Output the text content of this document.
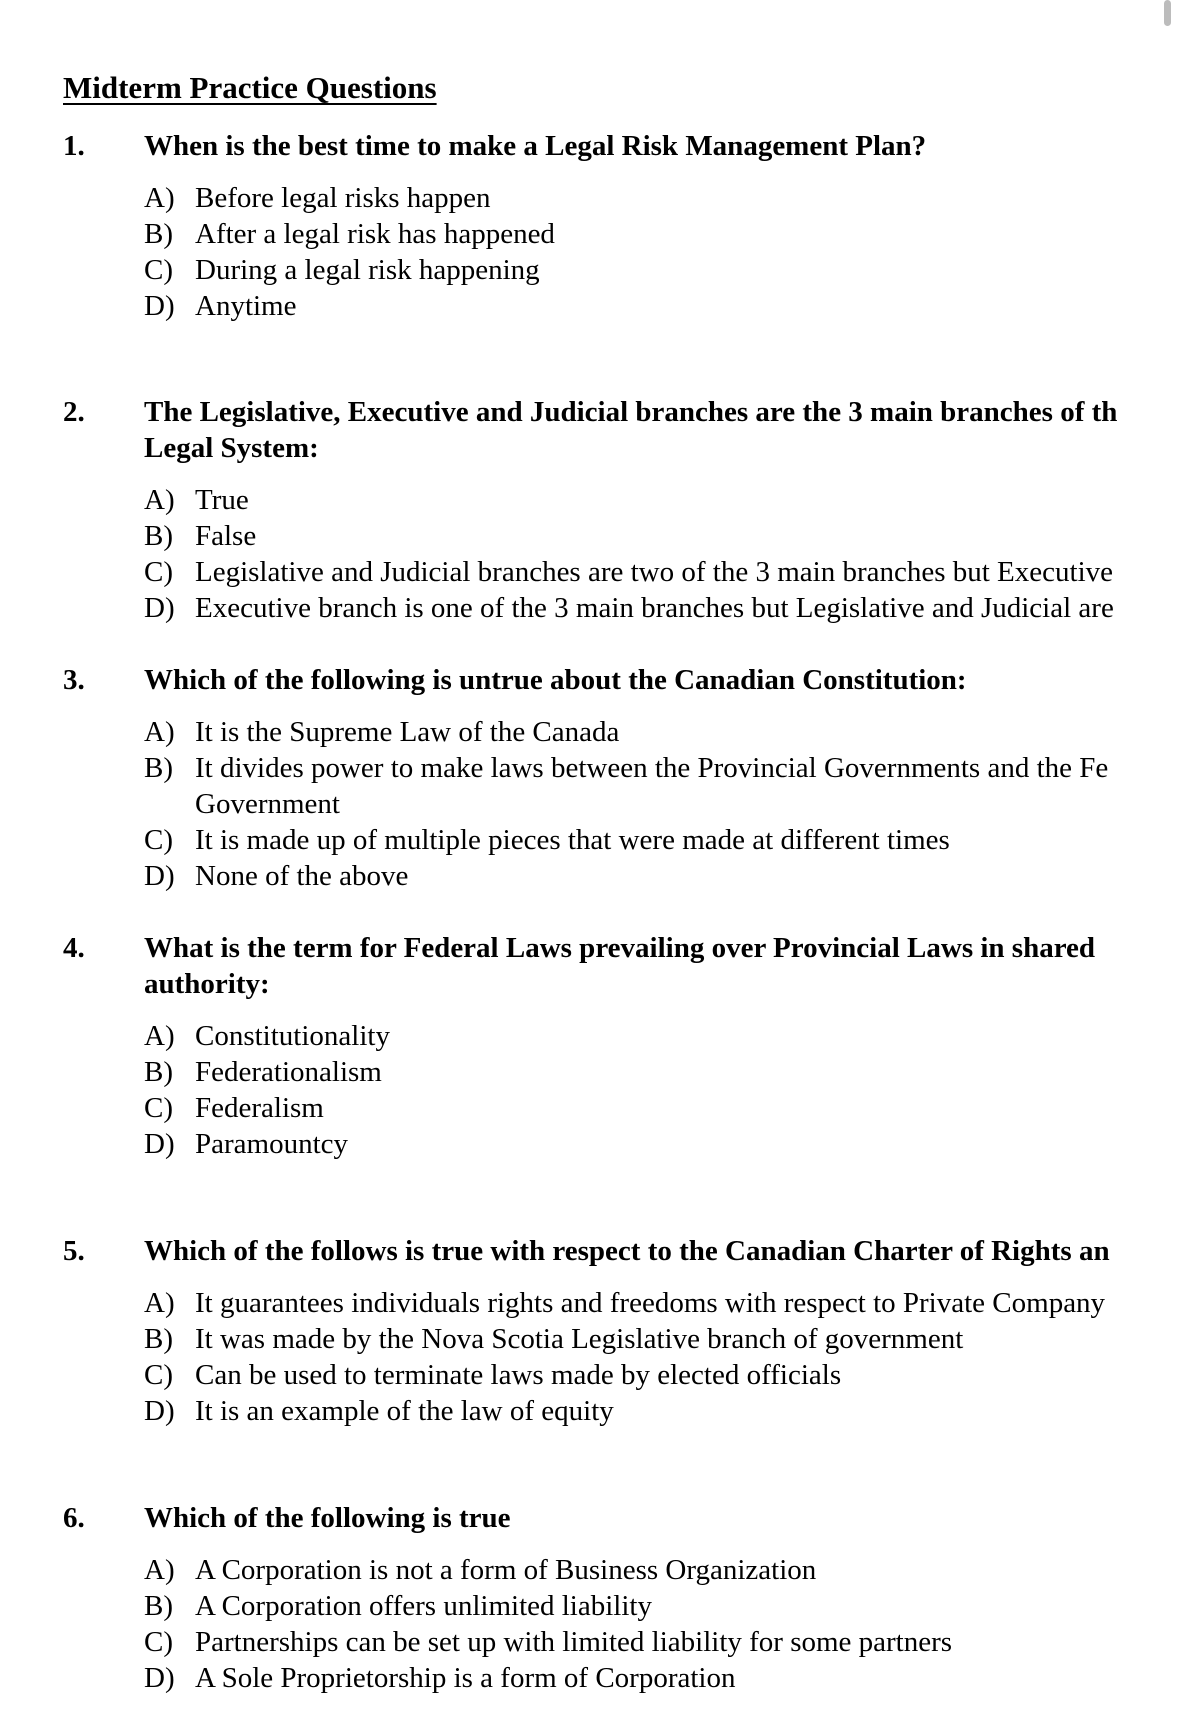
Midterm Practice Questions
1. When is the best time to make a Legal Risk Management Plan?
A) Before legal risks happen
B) After a legal risk has happened
C) During a legal risk happening
D) Anytime
2. The Legislative, Executive and Judicial branches are the 3 main branches of th
Legal System:
A) True
B) False
C) Legislative and Judicial branches are two of the 3 main branches but Executive
D) Executive branch is one of the 3 main branches but Legislative and Judicial are
3. Which of the following is untrue about the Canadian Constitution:
A) It is the Supreme Law of the Canada
B) It divides power to make laws between the Provincial Governments and the Fe
Government
C) It is made up of multiple pieces that were made at different times
D) None of the above
4. What is the term for Federal Laws prevailing over Provincial Laws in shared
authority:
A) Constitutionality
B) Federationalism
C) Federalism
D) Paramountcy
5. Which of the follows is true with respect to the Canadian Charter of Rights an
A) It guarantees individuals rights and freedoms with respect to Private Company
B) It was made by the Nova Scotia Legislative branch of government
C) Can be used to terminate laws made by elected officials
D) It is an example of the law of equity
6. Which of the following is true
A) A Corporation is not a form of Business Organization
B) A Corporation offers unlimited liability
C) Partnerships can be set up with limited liability for some partners
D) A Sole Proprietorship is a form of Corporation
